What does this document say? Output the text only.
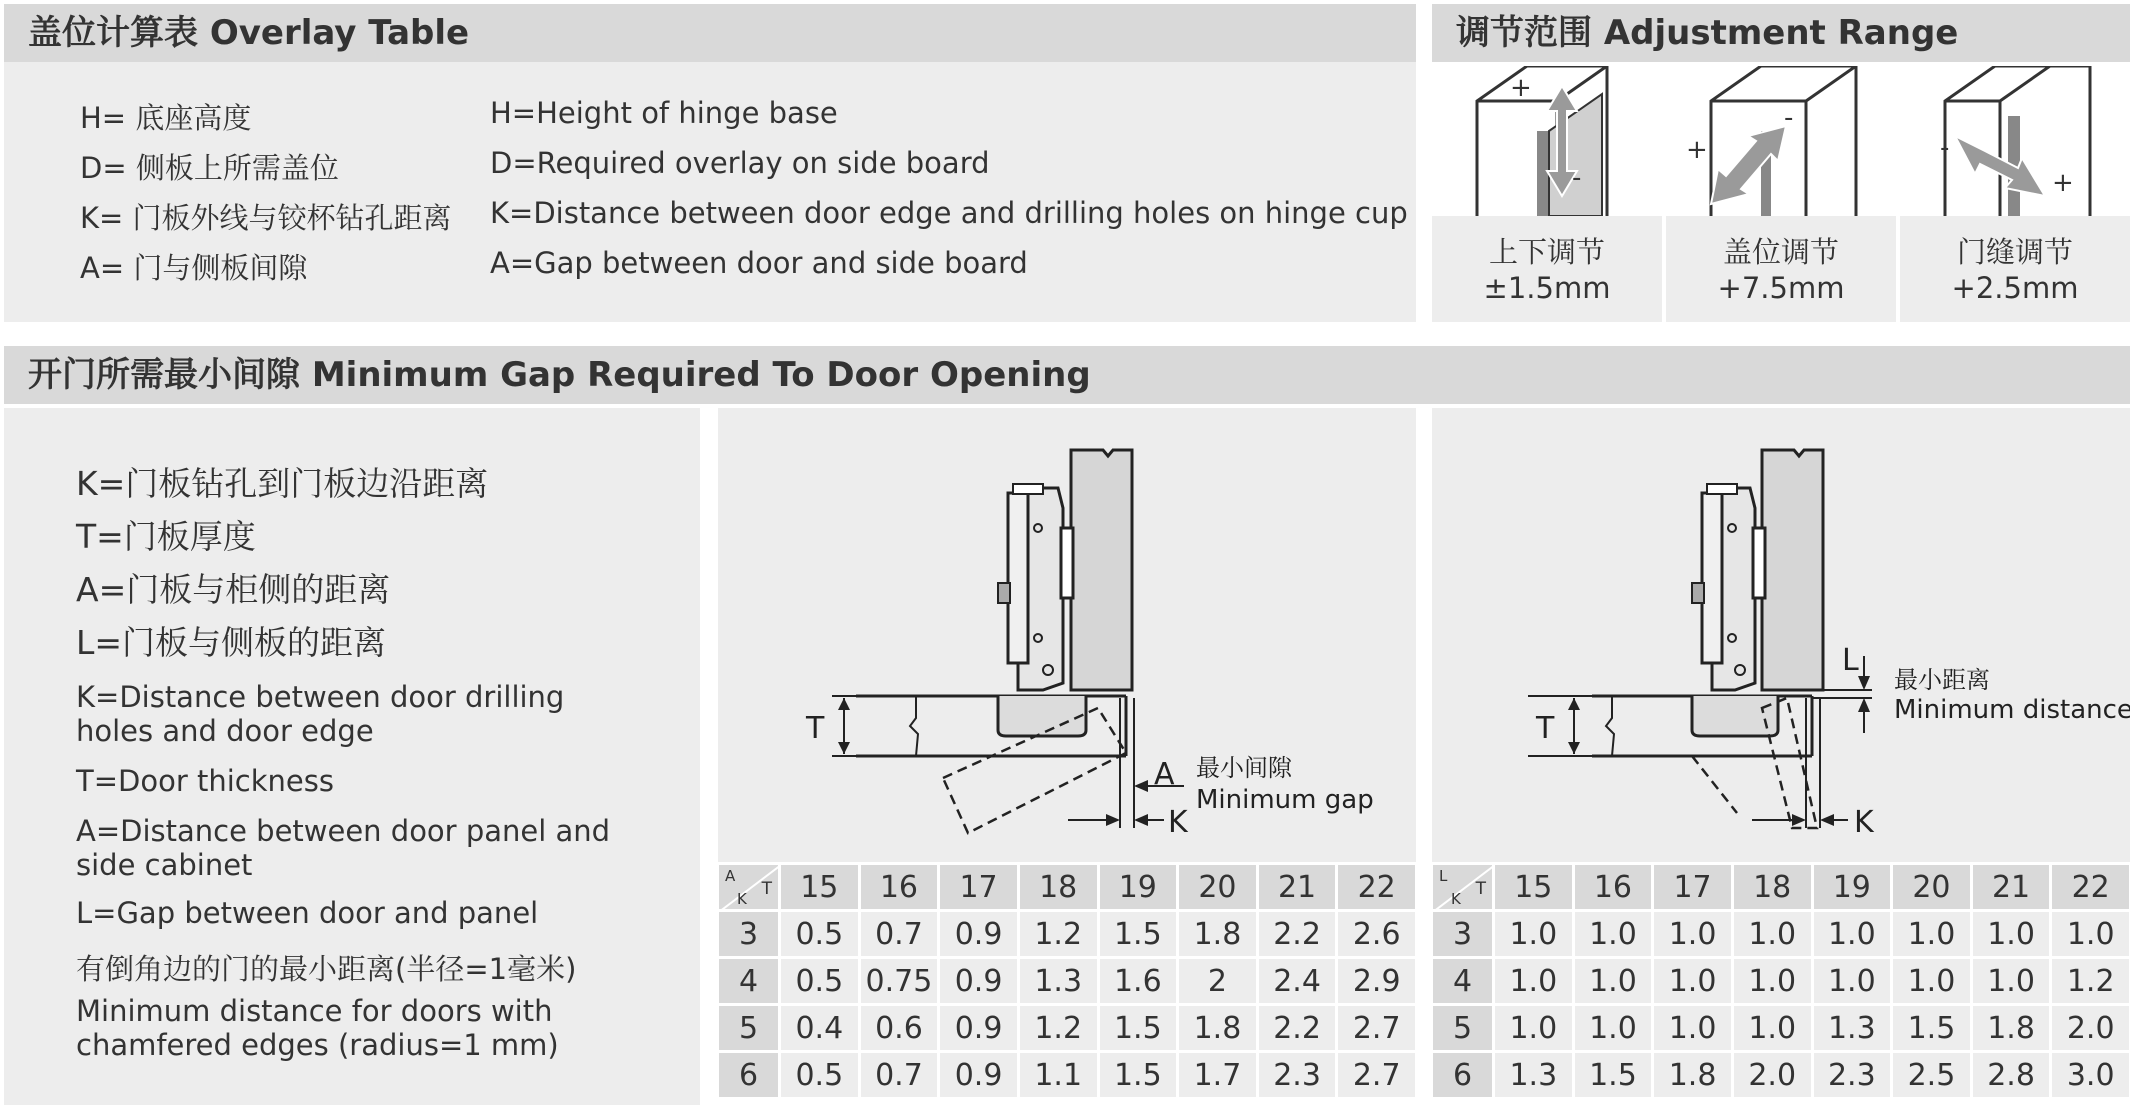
盖位计算表 Overlay Table
H= 底座高度	H=Height of hinge base
D= 侧板上所需盖位	D=Required overlay on side board
K= 门板外线与铰杯钻孔距离 K=Distance between door edge and drilling holes on hinge cup
A= 门与侧板间隙	A=Gap between door and side board
调节范围 Adjustment Range
+
-
上下调节
±1.5mm
+
-
盖位调节
+7.5mm
-
+
门缝调节
+2.5mm
开门所需最小间隙 Minimum Gap Required To Door Opening
K=门板钻孔到门板边沿距离
T=门板厚度
A=门板与柜侧的距离
L=门板与侧板的距离
K=Distance between door drilling holes and door edge
T=Door thickness
A=Distance between door panel and side cabinet
L=Gap between door and panel
有倒角边的门的最小距离(半径=1毫米)
Minimum distance for doors with chamfered edges (radius=1 mm)
T
A
K
最小间隙
Minimum gap
T
L
K
最小距离
Minimum distance
A
T
K	15	16	17	18	19	20	21	22
3	0.5	0.7	0.9	1.2	1.5	1.8	2.2	2.6
4	0.5	0.75	0.9	1.3	1.6	2	2.4	2.9
5	0.4	0.6	0.9	1.2	1.5	1.8	2.2	2.7
6	0.5	0.7	0.9	1.1	1.5	1.7	2.3	2.7
L
T
K	15	16	17	18	19	20	21	22
3	1.0	1.0	1.0	1.0	1.0	1.0	1.0	1.0
4	1.0	1.0	1.0	1.0	1.0	1.0	1.0	1.2
5	1.0	1.0	1.0	1.0	1.3	1.5	1.8	2.0
6	1.3	1.5	1.8	2.0	2.3	2.5	2.8	3.0
